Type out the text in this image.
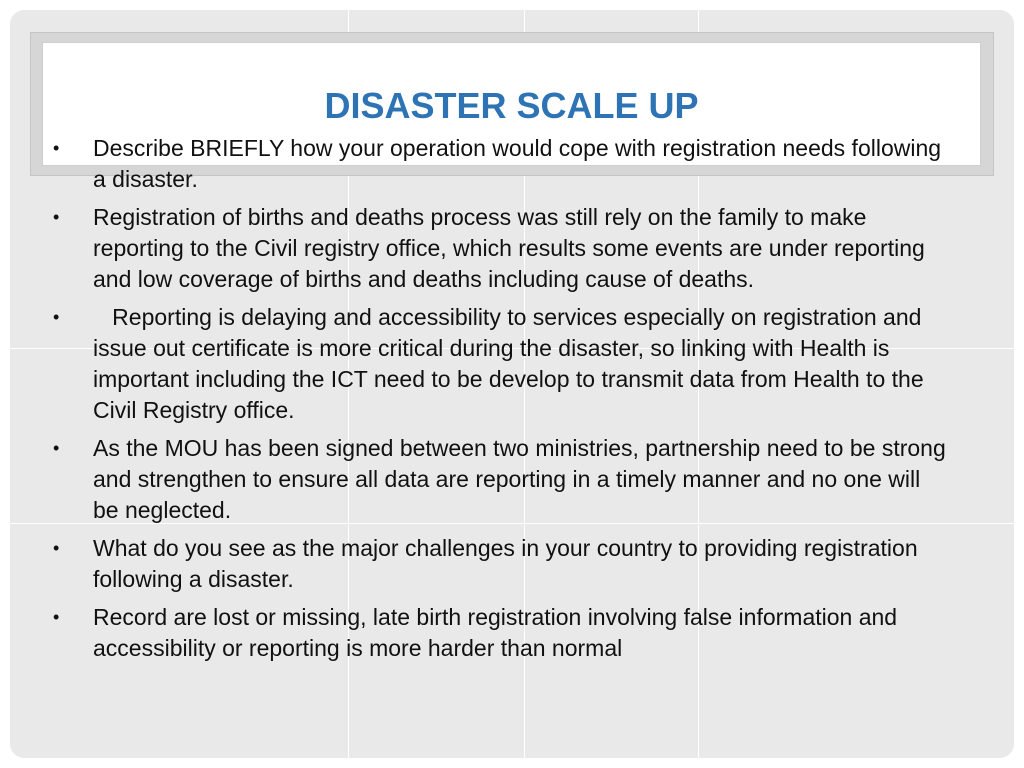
DISASTER SCALE UP
• Describe BRIEFLY how your operation would cope with registration needs following a disaster.
• Registration of births and deaths process was still rely on the family to make reporting to the Civil registry office, which results some events are under reporting and low coverage of births and deaths including cause of deaths.
• Reporting is delaying and accessibility to services especially on registration and issue out certificate is more critical during the disaster, so linking with Health is important including the ICT need to be develop to transmit data from Health to the Civil Registry office.
• As the MOU has been signed between two ministries, partnership need to be strong and strengthen to ensure all data are reporting in a timely manner and no one will be neglected.
• What do you see as the major challenges in your country to providing registration following a disaster.
• Record are lost or missing, late birth registration involving false information and accessibility or reporting is more harder than normal
